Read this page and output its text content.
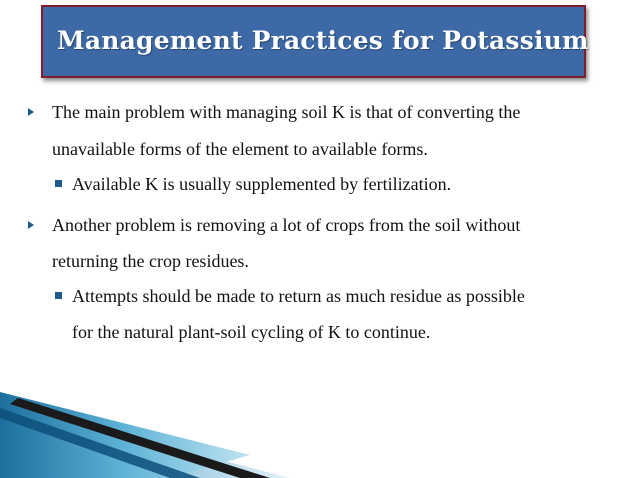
Management Practices for Potassium
The main problem with managing soil K is that of converting the
unavailable forms of the element to available forms.
Available K is usually supplemented by fertilization.
Another problem is removing a lot of crops from the soil without
returning the crop residues.
Attempts should be made to return as much residue as possible
for the natural plant-soil cycling of K to continue.
